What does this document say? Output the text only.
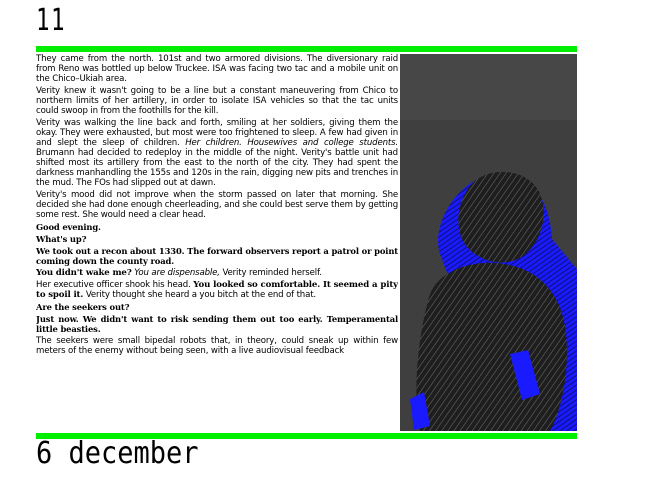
11

They came from the north. 101st and two armored divisions. The diversionary raid from Reno was bottled up below Truckee. ISA was facing two tac and a mobile unit on the Chico–Ukiah area.

Verity knew it wasn't going to be a line but a constant maneuvering from Chico to northern limits of her artillery, in order to isolate ISA vehicles so that the tac units could swoop in from the foothills for the kill.

Verity was walking the line back and forth, smiling at her soldiers, giving them the okay. They were exhausted, but most were too frightened to sleep. A few had given in and slept the sleep of children. Her children. Housewives and college students. Brumann had decided to redeploy in the middle of the night. Verity's battle unit had shifted most its artillery from the east to the north of the city. They had spent the darkness manhandling the 155s and 120s in the rain, digging new pits and trenches in the mud. The FOs had slipped out at dawn.

Verity's mood did not improve when the storm passed on later that morning. She decided she had done enough cheerleading, and she could best serve them by getting some rest. She would need a clear head.

Good evening.

What's up?

We took out a recon about 1330. The forward observers report a patrol or point coming down the county road.

You didn't wake me? You are dispensable, Verity reminded herself.

Her executive officer shook his head. You looked so comfortable. It seemed a pity to spoil it. Verity thought she heard a you bitch at the end of that.

Are the seekers out?

Just now. We didn't want to risk sending them out too early. Temperamental little beasties.

The seekers were small bipedal robots that, in theory, could sneak up within few meters of the enemy without being seen, with a live audiovisual feedback

6 december
